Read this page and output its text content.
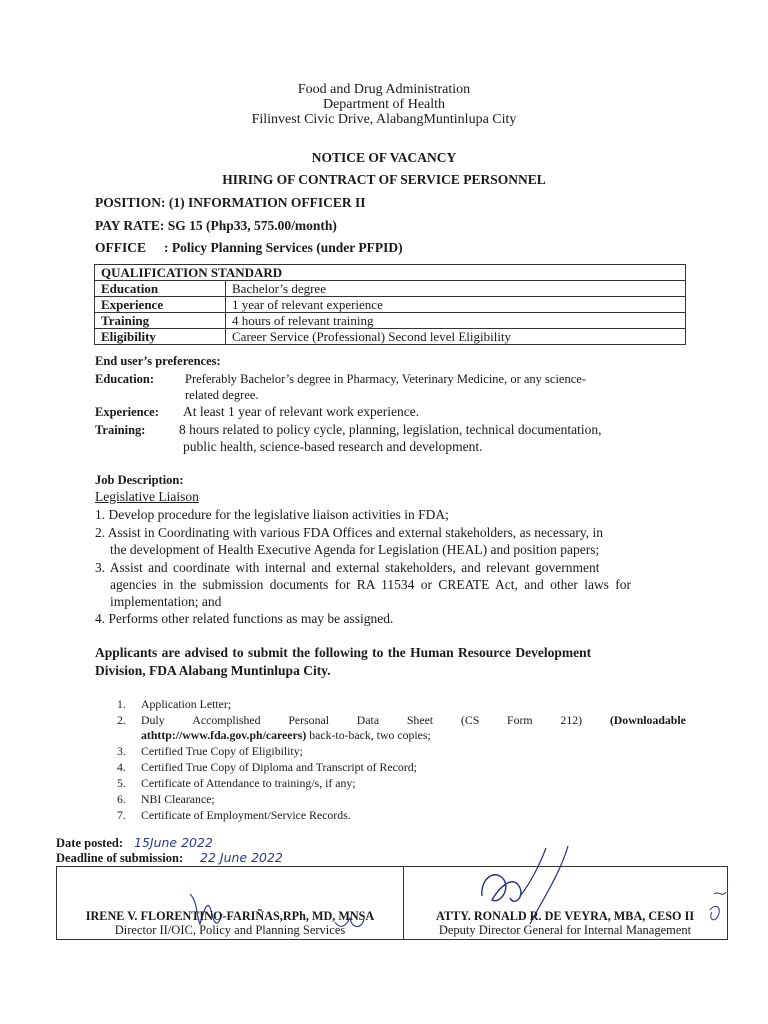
Food and Drug Administration
Department of Health
Filinvest Civic Drive, AlabangMuntinlupa City
NOTICE OF VACANCY
HIRING OF CONTRACT OF SERVICE PERSONNEL
POSITION: (1) INFORMATION OFFICER II
PAY RATE: SG 15 (Php33, 575.00/month)
OFFICE : Policy Planning Services (under PFPID)
QUALIFICATION STANDARD	
Education	Bachelor’s degree
Experience	1 year of relevant experience
Training	4 hours of relevant training
Eligibility	Career Service (Professional) Second level Eligibility
End user’s preferences:
Education: Preferably Bachelor’s degree in Pharmacy, Veterinary Medicine, or any science-
related degree.
Experience: At least 1 year of relevant work experience.
Training: 8 hours related to policy cycle, planning, legislation, technical documentation,
public health, science-based research and development.
Job Description:
Legislative Liaison
1. Develop procedure for the legislative liaison activities in FDA;
2. Assist in Coordinating with various FDA Offices and external stakeholders, as necessary, in
the development of Health Executive Agenda for Legislation (HEAL) and position papers;
3. Assist and coordinate with internal and external stakeholders, and relevant government
agencies in the submission documents for RA 11534 or CREATE Act, and other laws for
implementation; and
4. Performs other related functions as may be assigned.
Applicants are advised to submit the following to the Human Resource Development
Division, FDA Alabang Muntinlupa City.
1. Application Letter;
2. Duly Accomplished Personal Data Sheet (CS Form 212) (Downloadable
athttp://www.fda.gov.ph/careers) back-to-back, two copies;
3. Certified True Copy of Eligibility;
4. Certified True Copy of Diploma and Transcript of Record;
5. Certificate of Attendance to training/s, if any;
6. NBI Clearance;
7. Certificate of Employment/Service Records.
Date posted: 15June 2022
Deadline of submission: 22 June 2022
IRENE V. FLORENTINO-FARIÑAS,RPh, MD, MNSA
Director II/OIC, Policy and Planning Services
ATTY. RONALD R. DE VEYRA, MBA, CESO II
Deputy Director General for Internal Management
